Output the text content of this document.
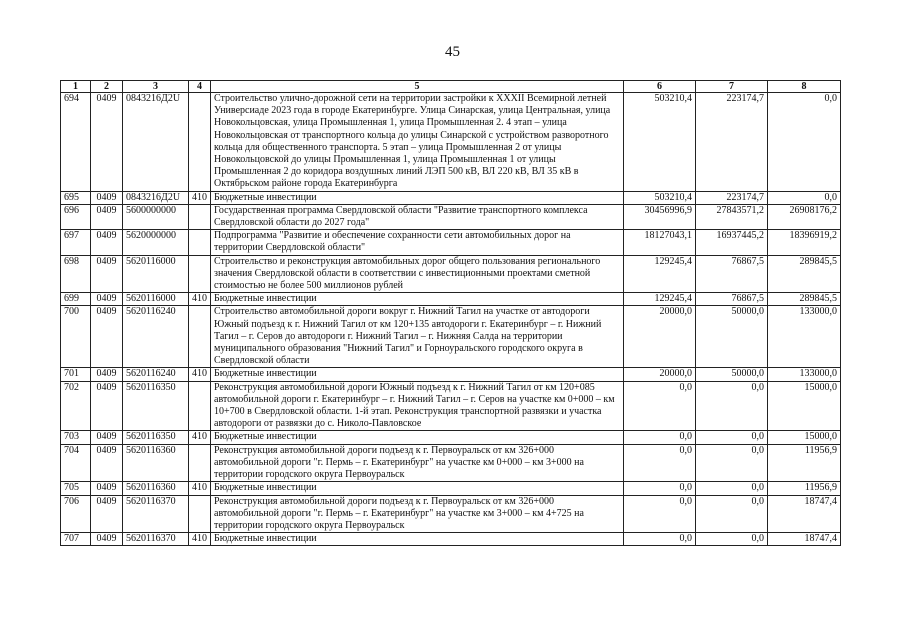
45
1	2	3	4	5	6	7	8
694	0409	0843216Д2U		Строительство улично-дорожной сети на территории застройки к XXXII Всемирной летней Универсиаде 2023 года в городе Екатеринбурге. Улица Синарская, улица Центральная, улица Новокольцовская, улица Промышленная 1, улица Промышленная 2. 4 этап – улица Новокольцовская от транспортного кольца до улицы Синарской с устройством разворотного кольца для общественного транспорта. 5 этап – улица Промышленная 2 от улицы Новокольцовской до улицы Промышленная 1, улица Промышленная 1 от улицы Промышленная 2 до коридора воздушных линий ЛЭП 500 кВ, ВЛ 220 кВ, ВЛ 35 кВ в Октябрьском районе города Екатеринбурга	503210,4	223174,7	0,0
695	0409	0843216Д2U	410	Бюджетные инвестиции	503210,4	223174,7	0,0
696	0409	5600000000		Государственная программа Свердловской области "Развитие транспортного комплекса Свердловской области до 2027 года"	30456996,9	27843571,2	26908176,2
697	0409	5620000000		Подпрограмма "Развитие и обеспечение сохранности сети автомобильных дорог на территории Свердловской области"	18127043,1	16937445,2	18396919,2
698	0409	5620116000		Строительство и реконструкция автомобильных дорог общего пользования регионального значения Свердловской области в соответствии с инвестиционными проектами сметной стоимостью не более 500 миллионов рублей	129245,4	76867,5	289845,5
699	0409	5620116000	410	Бюджетные инвестиции	129245,4	76867,5	289845,5
700	0409	5620116240		Строительство автомобильной дороги вокруг г. Нижний Тагил на участке от автодороги Южный подъезд к г. Нижний Тагил от км 120+135 автодороги г. Екатеринбург – г. Нижний Тагил – г. Серов до автодороги г. Нижний Тагил – г. Нижняя Салда на территории муниципального образования "Нижний Тагил" и Горноуральского городского округа в Свердловской области	20000,0	50000,0	133000,0
701	0409	5620116240	410	Бюджетные инвестиции	20000,0	50000,0	133000,0
702	0409	5620116350		Реконструкция автомобильной дороги Южный подъезд к г. Нижний Тагил от км 120+085 автомобильной дороги г. Екатеринбург – г. Нижний Тагил – г. Серов на участке км 0+000 – км 10+700 в Свердловской области. 1-й этап. Реконструкция транспортной развязки и участка автодороги от развязки до с. Николо-Павловское	0,0	0,0	15000,0
703	0409	5620116350	410	Бюджетные инвестиции	0,0	0,0	15000,0
704	0409	5620116360		Реконструкция автомобильной дороги подъезд к г. Первоуральск от км 326+000 автомобильной дороги "г. Пермь – г. Екатеринбург" на участке км 0+000 – км 3+000 на территории городского округа Первоуральск	0,0	0,0	11956,9
705	0409	5620116360	410	Бюджетные инвестиции	0,0	0,0	11956,9
706	0409	5620116370		Реконструкция автомобильной дороги подъезд к г. Первоуральск от км 326+000 автомобильной дороги "г. Пермь – г. Екатеринбург" на участке км 3+000 – км 4+725 на территории городского округа Первоуральск	0,0	0,0	18747,4
707	0409	5620116370	410	Бюджетные инвестиции	0,0	0,0	18747,4
